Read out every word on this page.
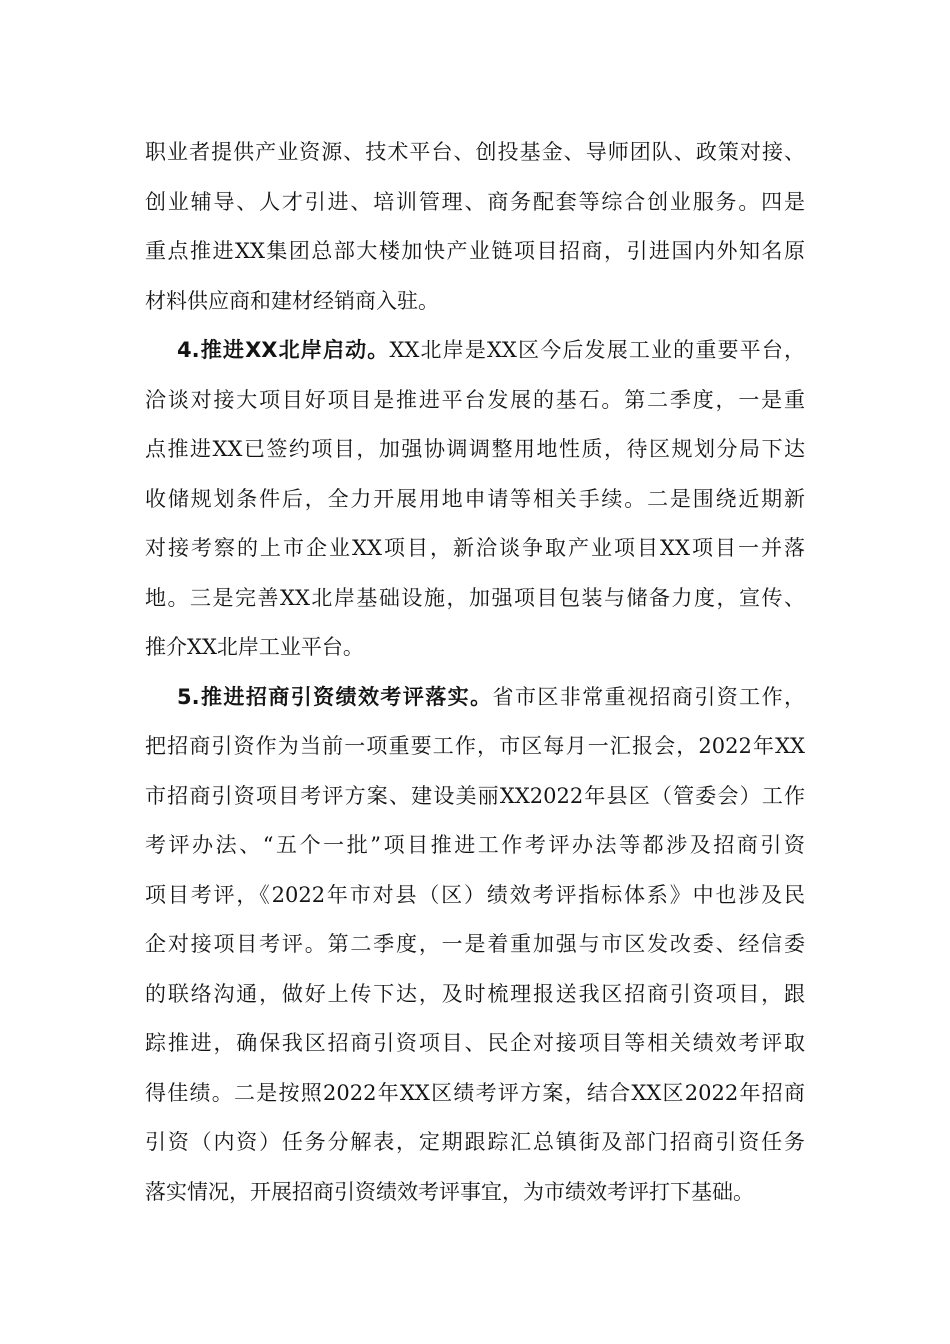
职业者提供产业资源、技术平台、创投基金、导师团队、政策对接、
创业辅导、人才引进、培训管理、商务配套等综合创业服务。四是
重点推进XX集团总部大楼加快产业链项目招商，引进国内外知名原
材料供应商和建材经销商入驻。
4.推进XX北岸启动。XX北岸是XX区今后发展工业的重要平台，
洽谈对接大项目好项目是推进平台发展的基石。第二季度，一是重
点推进XX已签约项目，加强协调调整用地性质，待区规划分局下达
收储规划条件后，全力开展用地申请等相关手续。二是围绕近期新
对接考察的上市企业XX项目，新洽谈争取产业项目XX项目一并落
地。三是完善XX北岸基础设施，加强项目包装与储备力度，宣传、
推介XX北岸工业平台。
5.推进招商引资绩效考评落实。省市区非常重视招商引资工作，
把招商引资作为当前一项重要工作，市区每月一汇报会，2022年XX
市招商引资项目考评方案、建设美丽XX2022年县区（管委会）工作
考评办法、“五个一批”项目推进工作考评办法等都涉及招商引资
项目考评，《2022年市对县（区）绩效考评指标体系》中也涉及民
企对接项目考评。第二季度，一是着重加强与市区发改委、经信委
的联络沟通，做好上传下达，及时梳理报送我区招商引资项目，跟
踪推进，确保我区招商引资项目、民企对接项目等相关绩效考评取
得佳绩。二是按照2022年XX区绩考评方案，结合XX区2022年招商
引资（内资）任务分解表，定期跟踪汇总镇街及部门招商引资任务
落实情况，开展招商引资绩效考评事宜，为市绩效考评打下基础。
